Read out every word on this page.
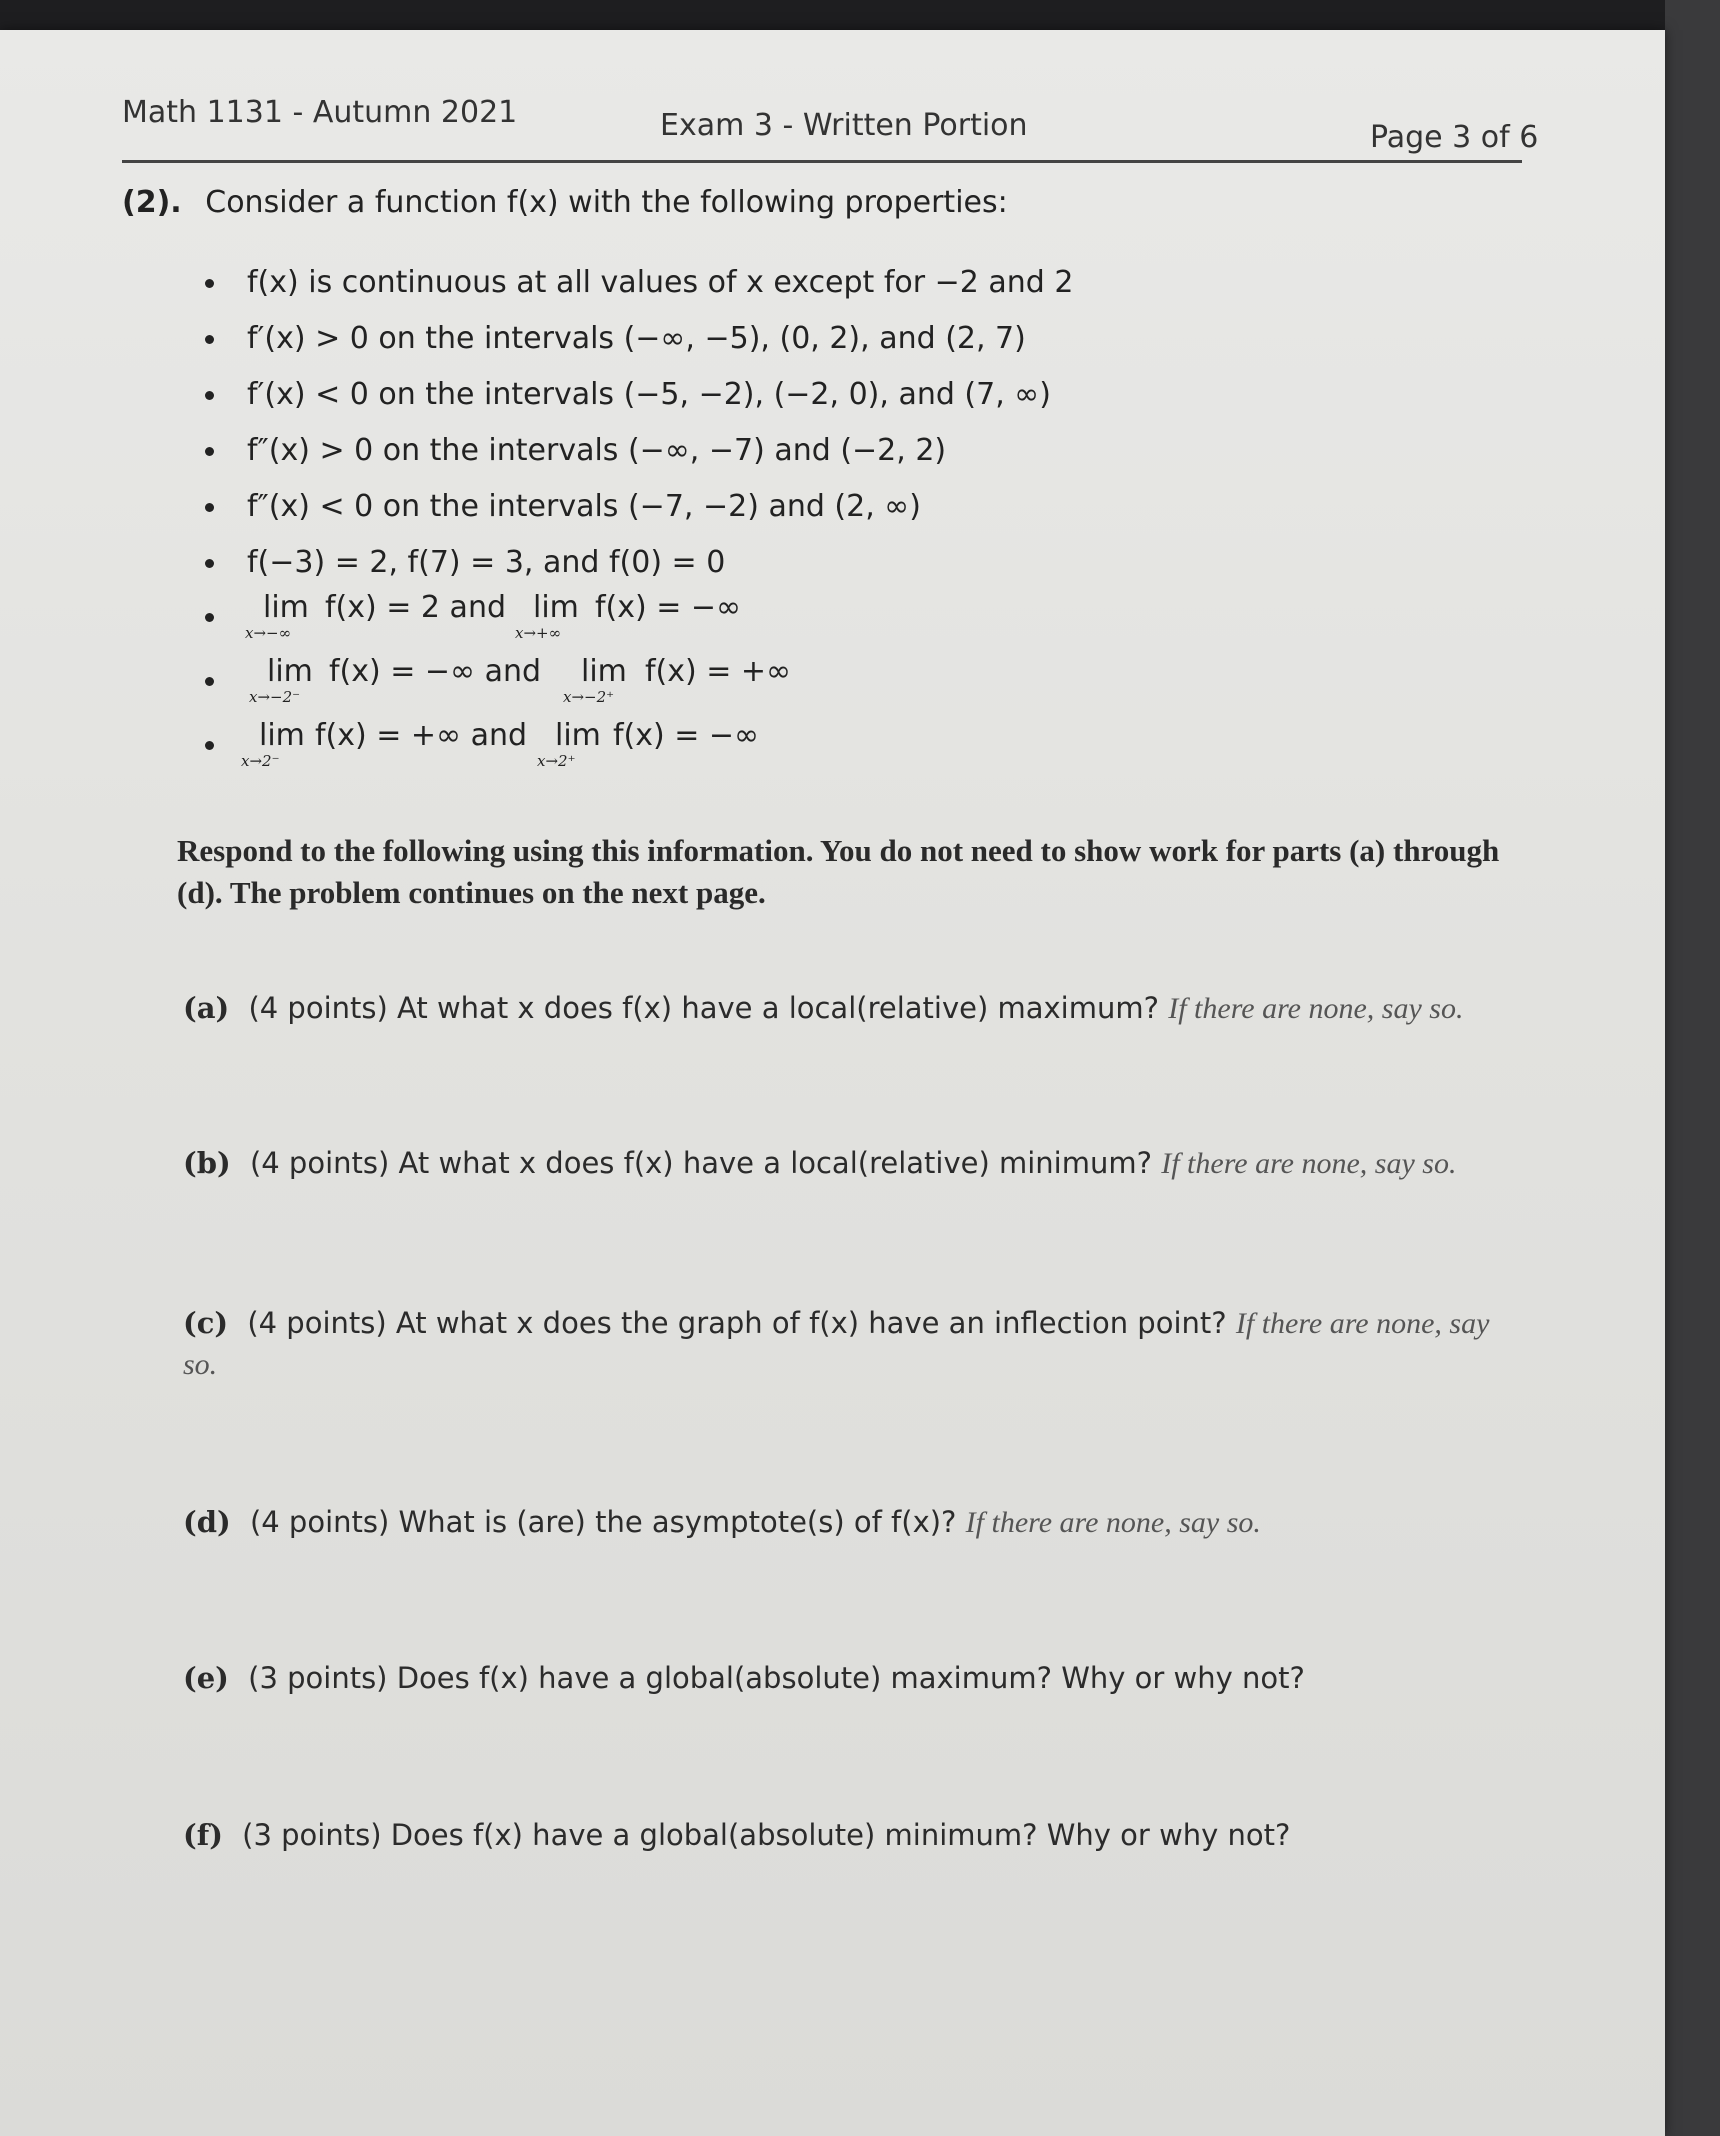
Math 1131 - Autumn 2021	Exam 3 - Written Portion	Page 3 of 6
(2). Consider a function f(x) with the following properties:
f(x) is continuous at all values of x except for −2 and 2
f′(x) > 0 on the intervals (−∞, −5), (0, 2), and (2, 7)
f′(x) < 0 on the intervals (−5, −2), (−2, 0), and (7, ∞)
f″(x) > 0 on the intervals (−∞, −7) and (−2, 2)
f″(x) < 0 on the intervals (−7, −2) and (2, ∞)
f(−3) = 2, f(7) = 3, and f(0) = 0
lim
x→−∞
f(x) = 2 and lim
x→+∞
f(x) = −∞
lim
x→−2⁻
f(x) = −∞ and lim
x→−2⁺
f(x) = +∞
lim
x→2⁻
f(x) = +∞ and lim
x→2⁺
f(x) = −∞
Respond to the following using this information. You do not need to show work for parts (a) through (d). The problem continues on the next page.
(a) (4 points) At what x does f(x) have a local(relative) maximum? If there are none, say so.
(b) (4 points) At what x does f(x) have a local(relative) minimum? If there are none, say so.
(c) (4 points) At what x does the graph of f(x) have an inflection point? If there are none, say so.
(d) (4 points) What is (are) the asymptote(s) of f(x)? If there are none, say so.
(e) (3 points) Does f(x) have a global(absolute) maximum? Why or why not?
(f) (3 points) Does f(x) have a global(absolute) minimum? Why or why not?
